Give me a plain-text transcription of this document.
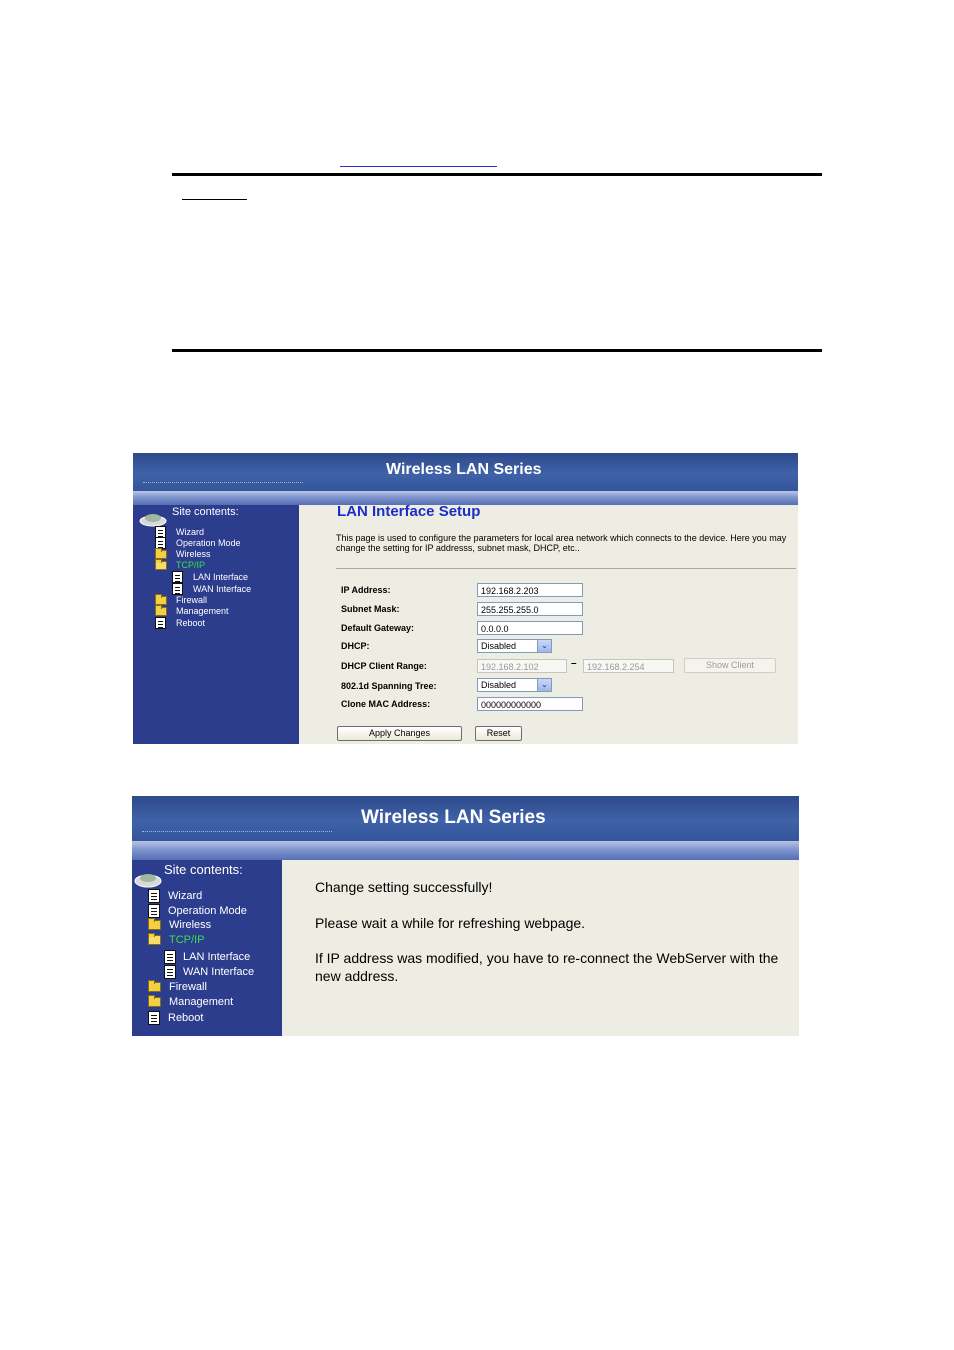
Wireless LAN Series
Site contents:
Wizard
Operation Mode
Wireless
TCP/IP
LAN Interface
WAN Interface
Firewall
Management
Reboot
LAN Interface Setup
This page is used to configure the parameters for local area network which connects to the device. Here you may change the setting for IP addresss, subnet mask, DHCP, etc..
IP Address:	192.168.2.203
Subnet Mask:	255.255.255.0
Default Gateway:	0.0.0.0
DHCP:	Disabled	⌄
DHCP Client Range:	192.168.2.102	–	192.168.2.254	Show Client
802.1d Spanning Tree:	Disabled	⌄
Clone MAC Address:	000000000000
Apply Changes	Reset
Wireless LAN Series
Site contents:
Wizard
Operation Mode
Wireless
TCP/IP
LAN Interface
WAN Interface
Firewall
Management
Reboot
Change setting successfully!
Please wait a while for refreshing webpage.
If IP address was modified, you have to re-connect the WebServer with the new address.
